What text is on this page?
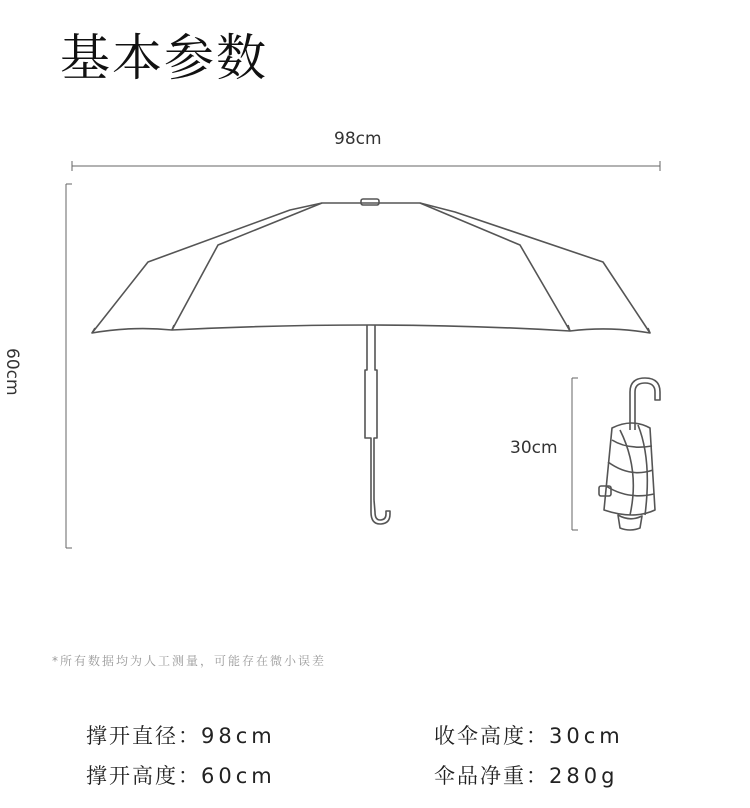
基本参数
98cm
60cm
30cm
*所有数据均为人工测量，可能存在微小误差
撑开直径：98cm	收伞高度：30cm
撑开高度：60cm	伞品净重：280g
